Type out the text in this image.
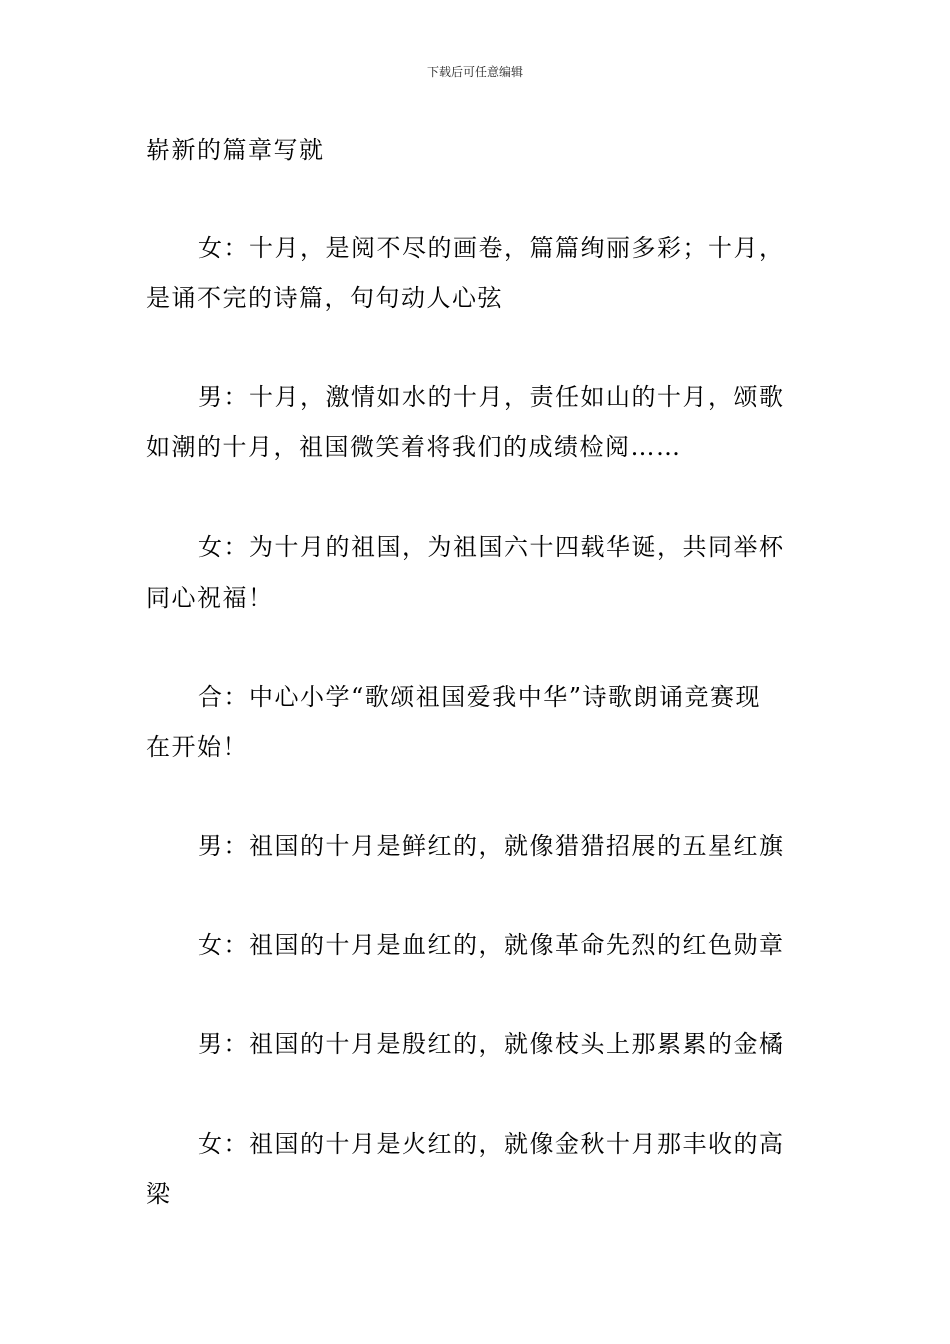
下载后可任意编辑
崭新的篇章写就
女：十月，是阅不尽的画卷，篇篇绚丽多彩；十月，
是诵不完的诗篇，句句动人心弦
男：十月，激情如水的十月，责任如山的十月，颂歌
如潮的十月，祖国微笑着将我们的成绩检阅……
女：为十月的祖国，为祖国六十四载华诞，共同举杯
同心祝福！
合：中心小学“歌颂祖国爱我中华”诗歌朗诵竞赛现
在开始！
男：祖国的十月是鲜红的，就像猎猎招展的五星红旗
女：祖国的十月是血红的，就像革命先烈的红色勋章
男：祖国的十月是殷红的，就像枝头上那累累的金橘
女：祖国的十月是火红的，就像金秋十月那丰收的高
梁
